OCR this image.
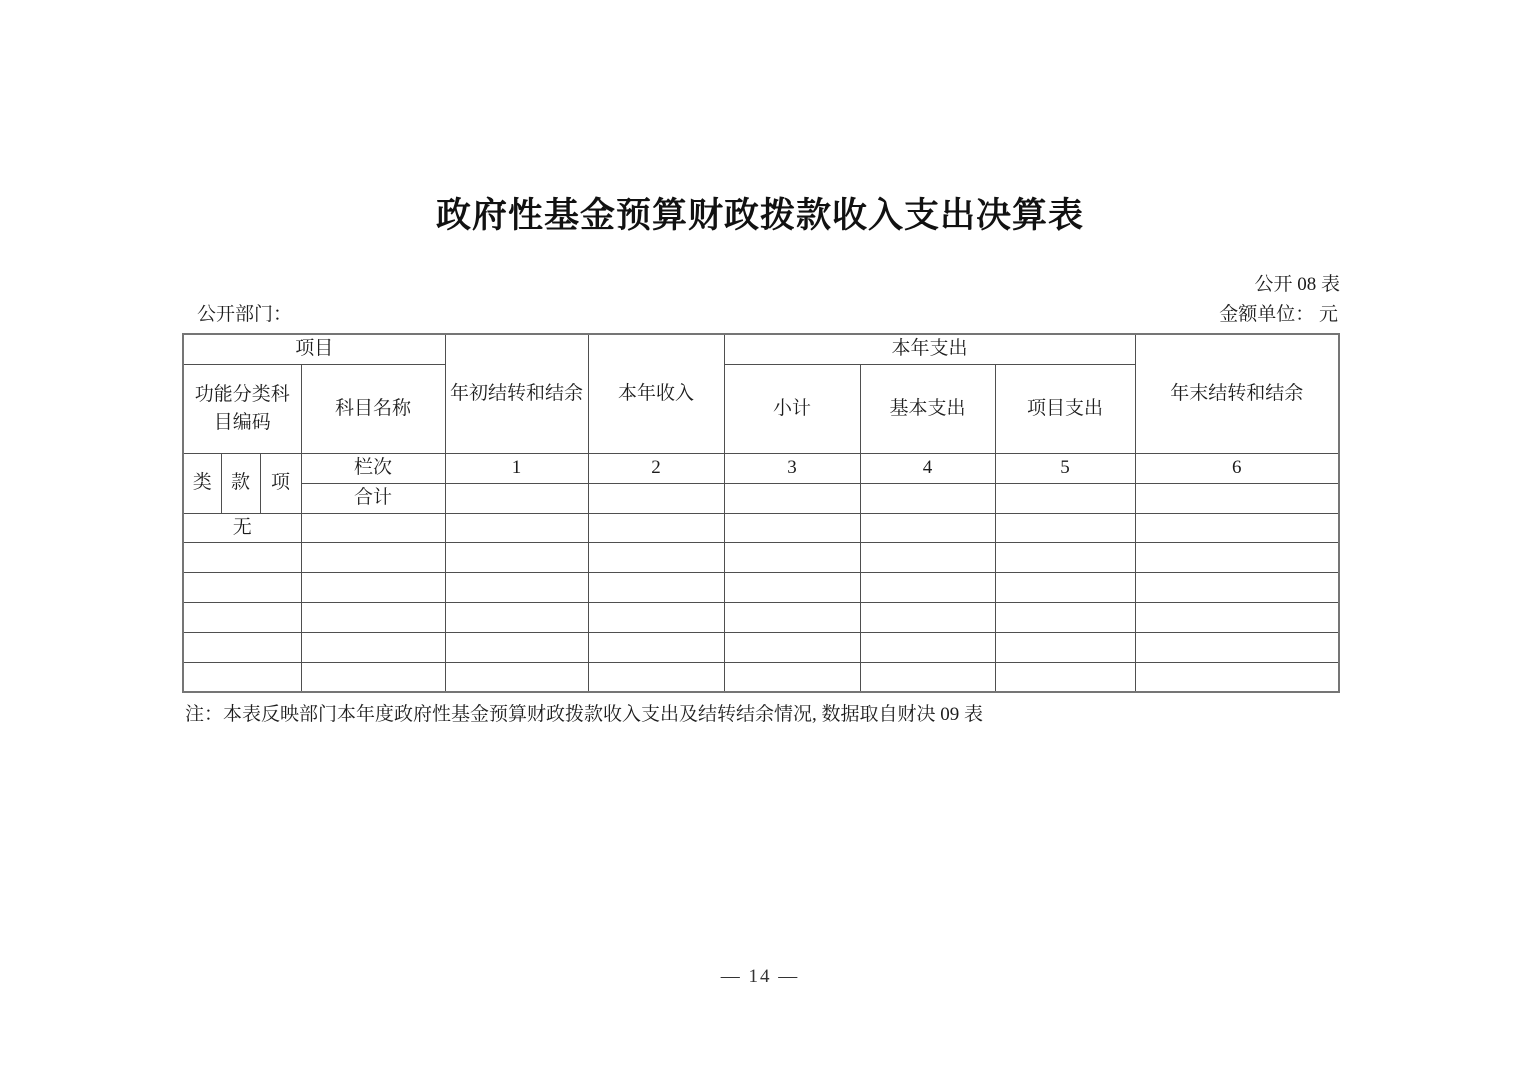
政府性基金预算财政拨款收入支出决算表
公开 08 表
公开部门：	金额单位： 元
项目				年初结转和结余	本年收入	本年支出			年末结转和结余
功能分类科目编码			科目名称			小计	基本支出	项目支出	
类	款	项	栏次	1	2	3	4	5	6
			合计						
无									

注：本表反映部门本年度政府性基金预算财政拨款收入支出及结转结余情况, 数据取自财决 09 表
— 14 —
